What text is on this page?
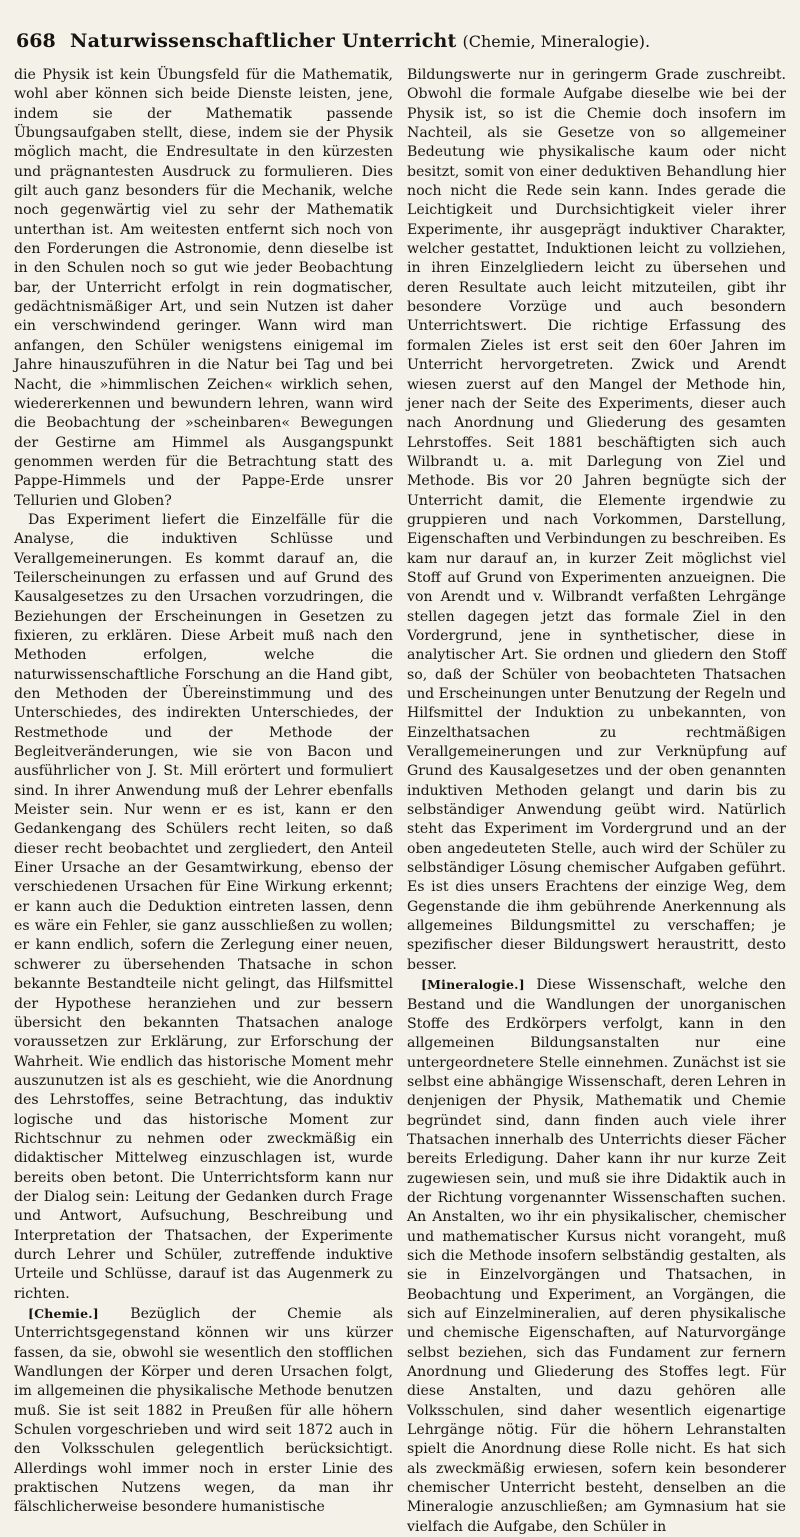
668 Naturwissenschaftlicher Unterricht (Chemie, Mineralogie).

die Physik ist kein Übungsfeld für die Mathematik, wohl aber können sich beide Dienste leisten, jene, indem sie der Mathematik passende Übungsaufgaben stellt, diese, indem sie der Physik möglich macht, die Endresultate in den kürzesten und prägnantesten Ausdruck zu formulieren. Dies gilt auch ganz besonders für die Mechanik, welche noch gegenwärtig viel zu sehr der Mathematik unterthan ist. Am weitesten entfernt sich noch von den Forderungen die Astronomie, denn dieselbe ist in den Schulen noch so gut wie jeder Beobachtung bar, der Unterricht erfolgt in rein dogmatischer, gedächtnismäßiger Art, und sein Nutzen ist daher ein verschwindend geringer. Wann wird man anfangen, den Schüler wenigstens einigemal im Jahre hinauszuführen in die Natur bei Tag und bei Nacht, die »himmlischen Zeichen« wirklich sehen, wiedererkennen und bewundern lehren, wann wird die Beobachtung der »scheinbaren« Bewegungen der Gestirne am Himmel als Ausgangspunkt genommen werden für die Betrachtung statt des Pappe-Himmels und der Pappe-Erde unsrer Tellurien und Globen?

Das Experiment liefert die Einzelfälle für die Analyse, die induktiven Schlüsse und Verallgemeinerungen. Es kommt darauf an, die Teilerscheinungen zu erfassen und auf Grund des Kausalgesetzes zu den Ursachen vorzudringen, die Beziehungen der Erscheinungen in Gesetzen zu fixieren, zu erklären. Diese Arbeit muß nach den Methoden erfolgen, welche die naturwissenschaftliche Forschung an die Hand gibt, den Methoden der Übereinstimmung und des Unterschiedes, des indirekten Unterschiedes, der Restmethode und der Methode der Begleitveränderungen, wie sie von Bacon und ausführlicher von J. St. Mill erörtert und formuliert sind. In ihrer Anwendung muß der Lehrer ebenfalls Meister sein. Nur wenn er es ist, kann er den Gedankengang des Schülers recht leiten, so daß dieser recht beobachtet und zergliedert, den Anteil Einer Ursache an der Gesamtwirkung, ebenso der verschiedenen Ursachen für Eine Wirkung erkennt; er kann auch die Deduktion eintreten lassen, denn es wäre ein Fehler, sie ganz ausschließen zu wollen; er kann endlich, sofern die Zerlegung einer neuen, schwerer zu übersehenden Thatsache in schon bekannte Bestandteile nicht gelingt, das Hilfsmittel der Hypothese heranziehen und zur bessern übersicht den bekannten Thatsachen analoge voraussetzen zur Erklärung, zur Erforschung der Wahrheit. Wie endlich das historische Moment mehr auszunutzen ist als es geschieht, wie die Anordnung des Lehrstoffes, seine Betrachtung, das induktiv logische und das historische Moment zur Richtschnur zu nehmen oder zweckmäßig ein didaktischer Mittelweg einzuschlagen ist, wurde bereits oben betont. Die Unterrichtsform kann nur der Dialog sein: Leitung der Gedanken durch Frage und Antwort, Aufsuchung, Beschreibung und Interpretation der Thatsachen, der Experimente durch Lehrer und Schüler, zutreffende induktive Urteile und Schlüsse, darauf ist das Augenmerk zu richten.

[Chemie.] Bezüglich der Chemie als Unterrichtsgegenstand können wir uns kürzer fassen, da sie, obwohl sie wesentlich den stofflichen Wandlungen der Körper und deren Ursachen folgt, im allgemeinen die physikalische Methode benutzen muß. Sie ist seit 1882 in Preußen für alle höhern Schulen vorgeschrieben und wird seit 1872 auch in den Volksschulen gelegentlich berücksichtigt. Allerdings wohl immer noch in erster Linie des praktischen Nutzens wegen, da man ihr fälschlicherweise besondere humanistische

Bildungswerte nur in geringerm Grade zuschreibt. Obwohl die formale Aufgabe dieselbe wie bei der Physik ist, so ist die Chemie doch insofern im Nachteil, als sie Gesetze von so allgemeiner Bedeutung wie physikalische kaum oder nicht besitzt, somit von einer deduktiven Behandlung hier noch nicht die Rede sein kann. Indes gerade die Leichtigkeit und Durchsichtigkeit vieler ihrer Experimente, ihr ausgeprägt induktiver Charakter, welcher gestattet, Induktionen leicht zu vollziehen, in ihren Einzelgliedern leicht zu übersehen und deren Resultate auch leicht mitzuteilen, gibt ihr besondere Vorzüge und auch besondern Unterrichtswert. Die richtige Erfassung des formalen Zieles ist erst seit den 60er Jahren im Unterricht hervorgetreten. Zwick und Arendt wiesen zuerst auf den Mangel der Methode hin, jener nach der Seite des Experiments, dieser auch nach Anordnung und Gliederung des gesamten Lehrstoffes. Seit 1881 beschäftigten sich auch Wilbrandt u. a. mit Darlegung von Ziel und Methode. Bis vor 20 Jahren begnügte sich der Unterricht damit, die Elemente irgendwie zu gruppieren und nach Vorkommen, Darstellung, Eigenschaften und Verbindungen zu beschreiben. Es kam nur darauf an, in kurzer Zeit möglichst viel Stoff auf Grund von Experimenten anzueignen. Die von Arendt und v. Wilbrandt verfaßten Lehrgänge stellen dagegen jetzt das formale Ziel in den Vordergrund, jene in synthetischer, diese in analytischer Art. Sie ordnen und gliedern den Stoff so, daß der Schüler von beobachteten Thatsachen und Erscheinungen unter Benutzung der Regeln und Hilfsmittel der Induktion zu unbekannten, von Einzelthatsachen zu rechtmäßigen Verallgemeinerungen und zur Verknüpfung auf Grund des Kausalgesetzes und der oben genannten induktiven Methoden gelangt und darin bis zu selbständiger Anwendung geübt wird. Natürlich steht das Experiment im Vordergrund und an der oben angedeuteten Stelle, auch wird der Schüler zu selbständiger Lösung chemischer Aufgaben geführt. Es ist dies unsers Erachtens der einzige Weg, dem Gegenstande die ihm gebührende Anerkennung als allgemeines Bildungsmittel zu verschaffen; je spezifischer dieser Bildungswert heraustritt, desto besser.

[Mineralogie.] Diese Wissenschaft, welche den Bestand und die Wandlungen der unorganischen Stoffe des Erdkörpers verfolgt, kann in den allgemeinen Bildungsanstalten nur eine untergeordnetere Stelle einnehmen. Zunächst ist sie selbst eine abhängige Wissenschaft, deren Lehren in denjenigen der Physik, Mathematik und Chemie begründet sind, dann finden auch viele ihrer Thatsachen innerhalb des Unterrichts dieser Fächer bereits Erledigung. Daher kann ihr nur kurze Zeit zugewiesen sein, und muß sie ihre Didaktik auch in der Richtung vorgenannter Wissenschaften suchen. An Anstalten, wo ihr ein physikalischer, chemischer und mathematischer Kursus nicht vorangeht, muß sich die Methode insofern selbständig gestalten, als sie in Einzelvorgängen und Thatsachen, in Beobachtung und Experiment, an Vorgängen, die sich auf Einzelmineralien, auf deren physikalische und chemische Eigenschaften, auf Naturvorgänge selbst beziehen, sich das Fundament zur fernern Anordnung und Gliederung des Stoffes legt. Für diese Anstalten, und dazu gehören alle Volksschulen, sind daher wesentlich eigenartige Lehrgänge nötig. Für die höhern Lehranstalten spielt die Anordnung diese Rolle nicht. Es hat sich als zweckmäßig erwiesen, sofern kein besonderer chemischer Unterricht besteht, denselben an die Mineralogie anzuschließen; am Gymnasium hat sie vielfach die Aufgabe, den Schüler in
